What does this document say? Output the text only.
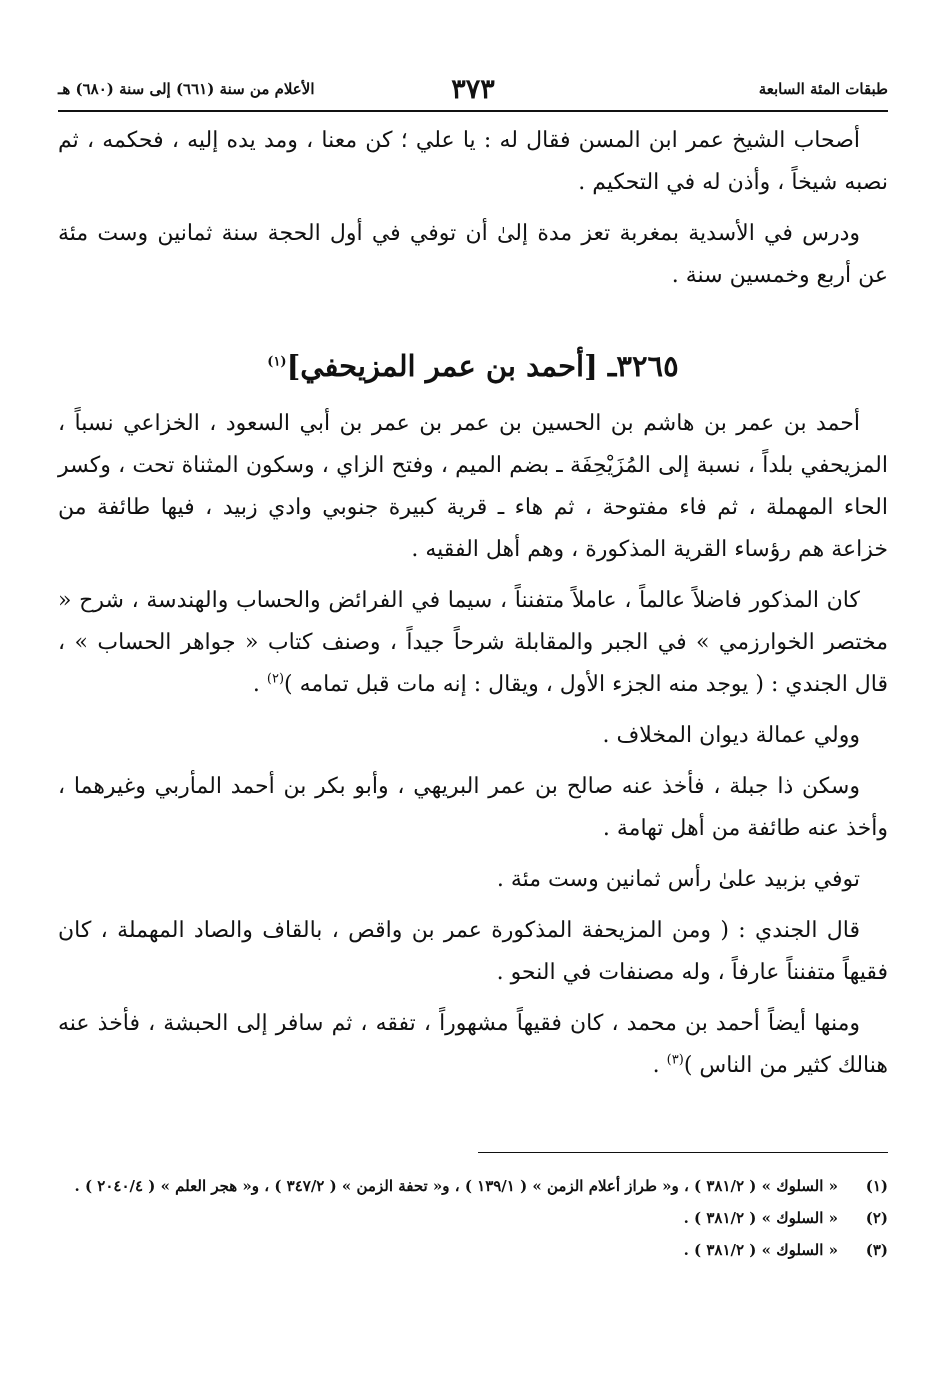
طبقات المئة السابعة
٣٧٣
الأعلام من سنة (٦٦١) إلى سنة (٦٨٠) هـ

أصحاب الشيخ عمر ابن المسن فقال له : يا علي ؛ كن معنا ، ومد يده إليه ، فحكمه ، ثم نصبه شيخاً ، وأذن له في التحكيم .

ودرس في الأسدية بمغربة تعز مدة إلىٰ أن توفي في أول الحجة سنة ثمانين وست مئة عن أربع وخمسين سنة .

٣٢٦٥ـ [أحمد بن عمر المزيحفي]$^{(١)}$

أحمد بن عمر بن هاشم بن الحسين بن عمر بن عمر بن أبي السعود ، الخزاعي نسباً ، المزيحفي بلداً ، نسبة إلى المُزَيْحِفَة ـ بضم الميم ، وفتح الزاي ، وسكون المثناة تحت ، وكسر الحاء المهملة ، ثم فاء مفتوحة ، ثم هاء ـ قرية كبيرة جنوبي وادي زبيد ، فيها طائفة من خزاعة هم رؤساء القرية المذكورة ، وهم أهل الفقيه .

كان المذكور فاضلاً عالماً ، عاملاً متفنناً ، سيما في الفرائض والحساب والهندسة ، شرح « مختصر الخوارزمي » في الجبر والمقابلة شرحاً جيداً ، وصنف كتاب « جواهر الحساب » ، قال الجندي : ( يوجد منه الجزء الأول ، ويقال : إنه مات قبل تمامه )$^{(٢)}$ .

وولي عمالة ديوان المخلاف .

وسكن ذا جبلة ، فأخذ عنه صالح بن عمر البريهي ، وأبو بكر بن أحمد المأربي وغيرهما ، وأخذ عنه طائفة من أهل تهامة .

توفي بزبيد علىٰ رأس ثمانين وست مئة .

قال الجندي : ( ومن المزيحفة المذكورة عمر بن واقص ، بالقاف والصاد المهملة ، كان فقيهاً متفنناً عارفاً ، وله مصنفات في النحو .

ومنها أيضاً أحمد بن محمد ، كان فقيهاً مشهوراً ، تفقه ، ثم سافر إلى الحبشة ، فأخذ عنه هنالك كثير من الناس )$^{(٣)}$ .

(١)
« السلوك » ( ٣٨١/٢ ) ، و« طراز أعلام الزمن » ( ١٣٩/١ ) ، و« تحفة الزمن » ( ٣٤٧/٢ ) ، و« هجر العلم » ( ٢٠٤٠/٤ ) .
(٢)
« السلوك » ( ٣٨١/٢ ) .
(٣)
« السلوك » ( ٣٨١/٢ ) .
